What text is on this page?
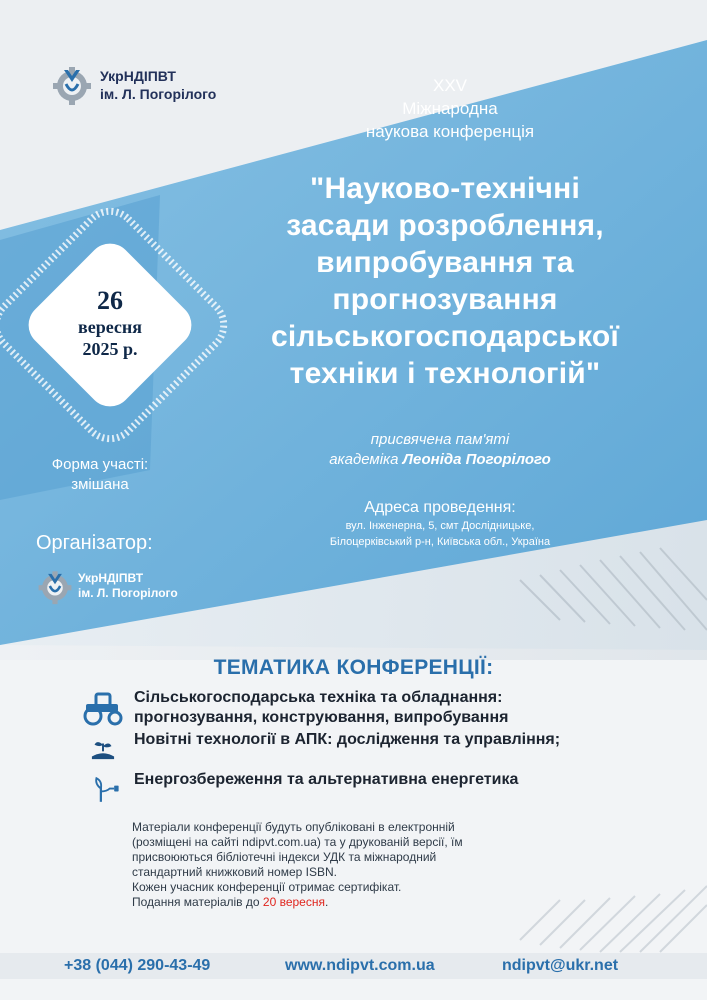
УкрНДІПВТ
ім. Л. Погорілого	XXV
Міжнародна
наукова конференція
"Науково-технічні
засади розроблення,
випробування та
прогнозування
сільськогосподарської
техніки і технологій"
присвячена пам'яті
академіка Леоніда Погорілого
26
вересня
2025 р.
Форма участі:
змішана
Адреса проведення:
вул. Інженерна, 5, смт Дослідницьке,
Білоцерківський р-н, Київська обл., Україна
Організатор:
УкрНДІПВТ
ім. Л. Погорілого
ТЕМАТИКА КОНФЕРЕНЦІЇ:
Сільськогосподарська техніка та обладнання:
прогнозування, конструювання, випробування
Новітні технології в АПК: дослідження та управління;
Енергозбереження та альтернативна енергетика
Матеріали конференції будуть опубліковані в електронній
(розміщені на сайті ndipvt.com.ua) та у друкованій версії, їм
присвоюються бібліотечні індекси УДК та міжнародний
стандартний книжковий номер ISBN.
Кожен учасник конференції отримає сертифікат.
Подання матеріалів до 20 вересня.
+38 (044) 290-43-49	www.ndipvt.com.ua	ndipvt@ukr.net
